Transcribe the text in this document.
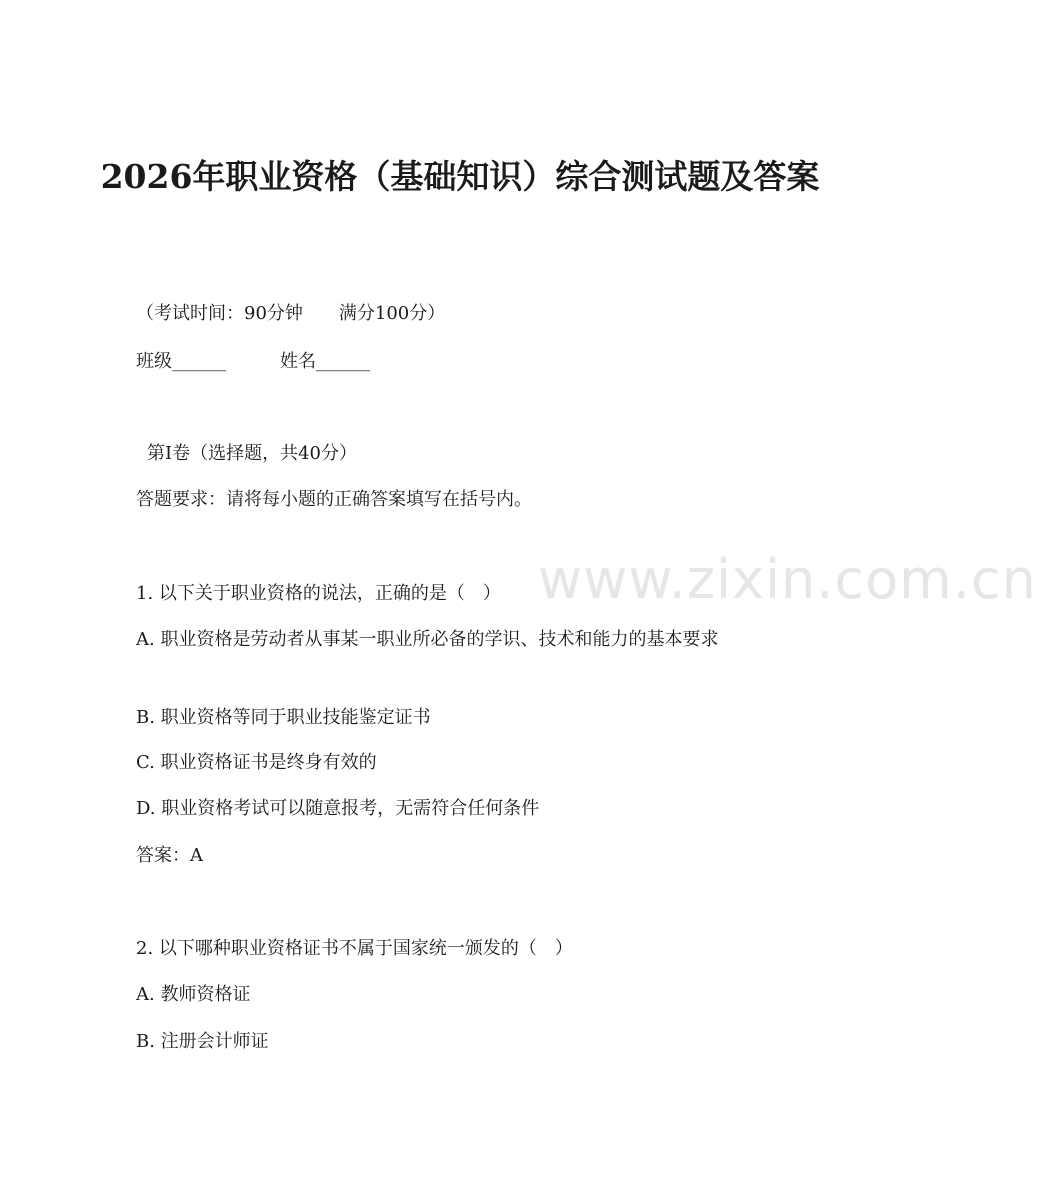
www.zixin.com.cn
2026年职业资格（基础知识）综合测试题及答案
（考试时间：90分钟　　满分100分）
班级______	姓名______
第I卷（选择题，共40分）
答题要求：请将每小题的正确答案填写在括号内。
1. 以下关于职业资格的说法，正确的是（　）
A. 职业资格是劳动者从事某一职业所必备的学识、技术和能力的基本要求
B. 职业资格等同于职业技能鉴定证书
C. 职业资格证书是终身有效的
D. 职业资格考试可以随意报考，无需符合任何条件
答案：A
2. 以下哪种职业资格证书不属于国家统一颁发的（　）
A. 教师资格证
B. 注册会计师证
